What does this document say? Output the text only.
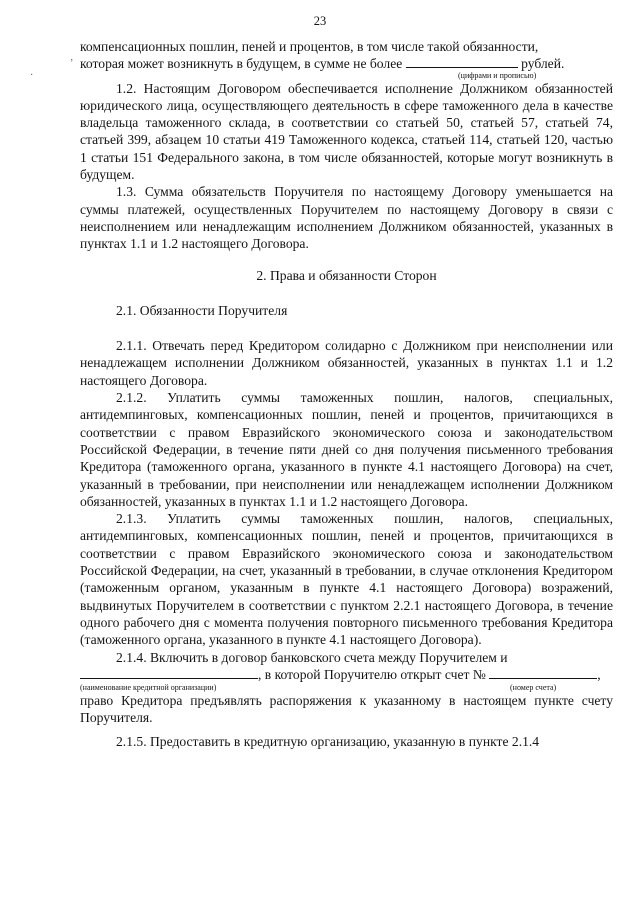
23
·
ʼ

компенсационных пошлин, пеней и процентов, в том числе такой обязанности,

которая может возникнуть в будущем, в сумме не более	рублей.

(цифрами и прописью)

1.2. Настоящим Договором обеспечивается исполнение Должником обязанностей юридического лица, осуществляющего деятельность в сфере таможенного дела в качестве владельца таможенного склада, в соответствии со статьей 50, статьей 57, статьей 74, статьей 399, абзацем 10 статьи 419 Таможенного кодекса, статьей 114, статьей 120, частью 1 статьи 151 Федерального закона, в том числе обязанностей, которые могут возникнуть в будущем.

1.3. Сумма обязательств Поручителя по настоящему Договору уменьшается на суммы платежей, осуществленных Поручителем по настоящему Договору в связи с неисполнением или ненадлежащим исполнением Должником обязанностей, указанных в пунктах 1.1 и 1.2 настоящего Договора.

2. Права и обязанности Сторон
2.1. Обязанности Поручителя

2.1.1. Отвечать перед Кредитором солидарно с Должником при неисполнении или ненадлежащем исполнении Должником обязанностей, указанных в пунктах 1.1 и 1.2 настоящего Договора.

2.1.2. Уплатить суммы таможенных пошлин, налогов, специальных, антидемпинговых, компенсационных пошлин, пеней и процентов, причитающихся в соответствии с правом Евразийского экономического союза и законодательством Российской Федерации, в течение пяти дней со дня получения письменного требования Кредитора (таможенного органа, указанного в пункте 4.1 настоящего Договора) на счет, указанный в требовании, при неисполнении или ненадлежащем исполнении Должником обязанностей, указанных в пунктах 1.1 и 1.2 настоящего Договора.

2.1.3. Уплатить суммы таможенных пошлин, налогов, специальных, антидемпинговых, компенсационных пошлин, пеней и процентов, причитающихся в соответствии с правом Евразийского экономического союза и законодательством Российской Федерации, на счет, указанный в требовании, в случае отклонения Кредитором (таможенным органом, указанным в пункте 4.1 настоящего Договора) возражений, выдвинутых Поручителем в соответствии с пунктом 2.2.1 настоящего Договора, в течение одного рабочего дня с момента получения повторного письменного требования Кредитора (таможенного органа, указанного в пункте 4.1 настоящего Договора).

2.1.4. Включить в договор банковского счета между Поручителем и

, в которой Поручителю открыт счет №	,

(наименование кредитной организации)	(номер счета)

право Кредитора предъявлять распоряжения к указанному в настоящем пункте счету Поручителя.

2.1.5. Предоставить в кредитную организацию, указанную в пункте 2.1.4
